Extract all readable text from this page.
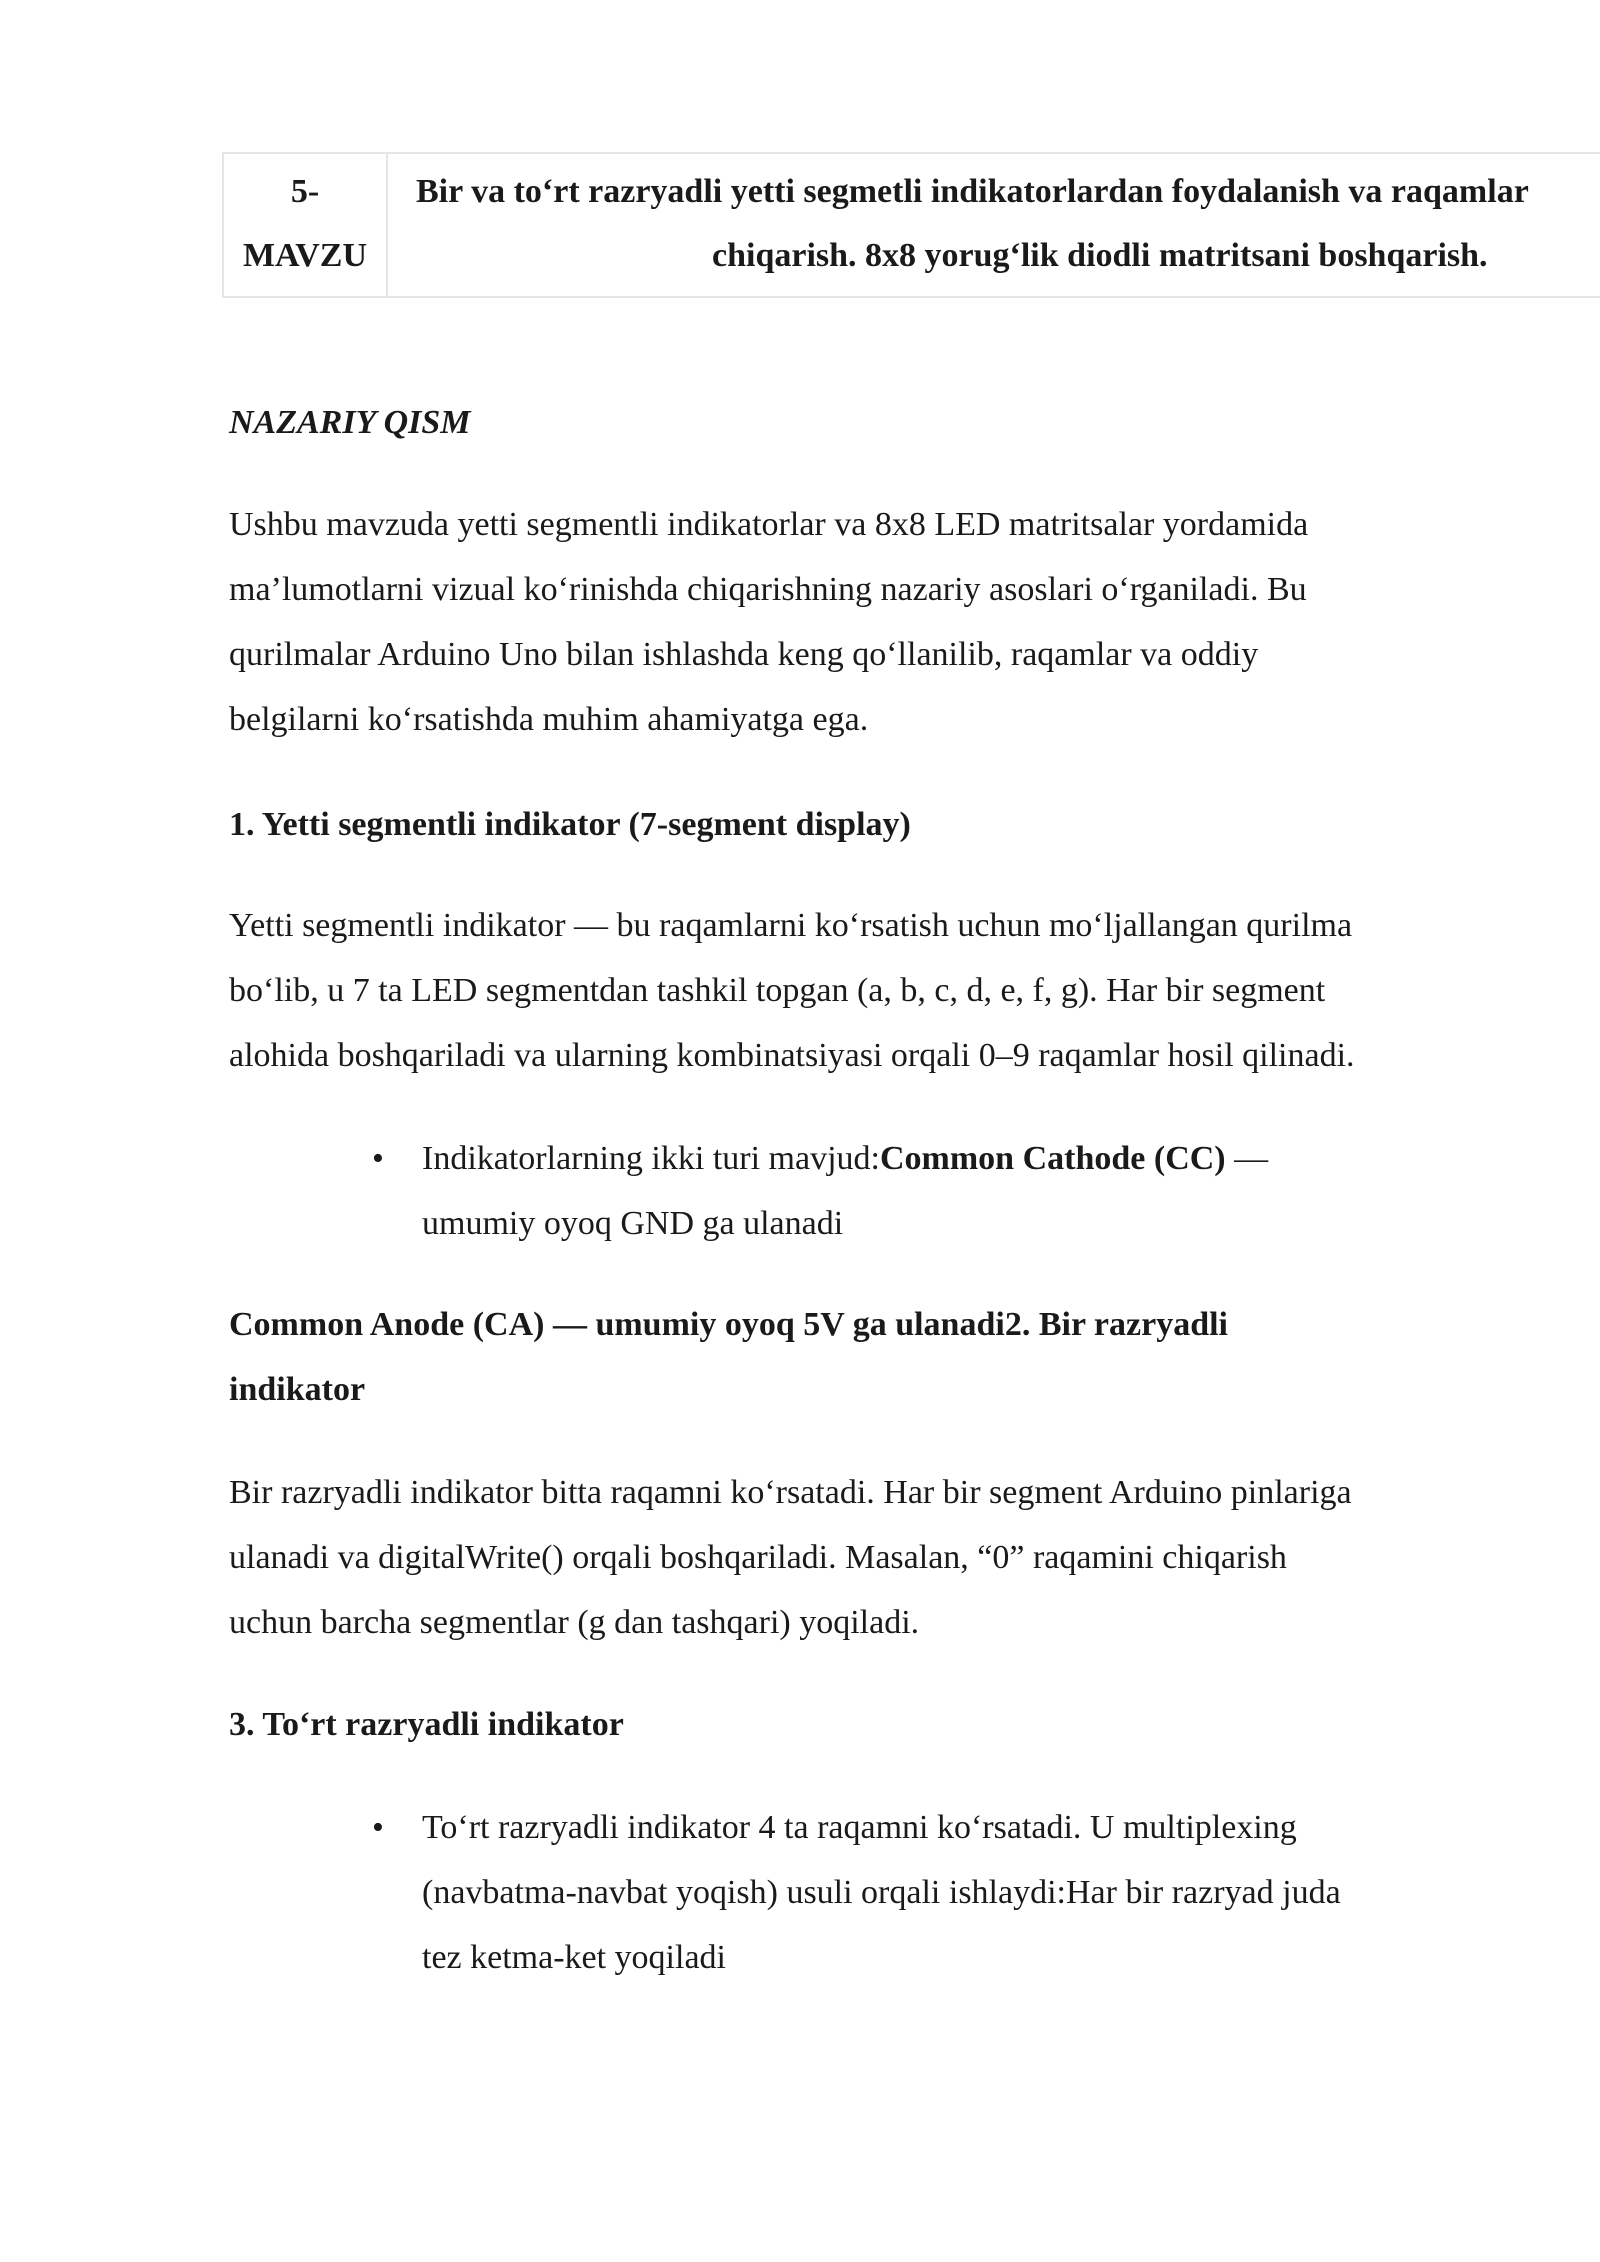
5-
MAVZU
Bir va to‘rt razryadli yetti segmetli indikatorlardan foydalanish va raqamlar
chiqarish. 8x8 yorug‘lik diodli matritsani boshqarish.
NAZARIY QISM
Ushbu mavzuda yetti segmentli indikatorlar va 8x8 LED matritsalar yordamida
ma’lumotlarni vizual ko‘rinishda chiqarishning nazariy asoslari o‘rganiladi. Bu
qurilmalar Arduino Uno bilan ishlashda keng qo‘llanilib, raqamlar va oddiy
belgilarni ko‘rsatishda muhim ahamiyatga ega.
1. Yetti segmentli indikator (7-segment display)
Yetti segmentli indikator — bu raqamlarni ko‘rsatish uchun mo‘ljallangan qurilma
bo‘lib, u 7 ta LED segmentdan tashkil topgan (a, b, c, d, e, f, g). Har bir segment
alohida boshqariladi va ularning kombinatsiyasi orqali 0–9 raqamlar hosil qilinadi.
• Indikatorlarning ikki turi mavjud:Common Cathode (CC) —
umumiy oyoq GND ga ulanadi
Common Anode (CA) — umumiy oyoq 5V ga ulanadi2. Bir razryadli
indikator
Bir razryadli indikator bitta raqamni ko‘rsatadi. Har bir segment Arduino pinlariga
ulanadi va digitalWrite() orqali boshqariladi. Masalan, “0” raqamini chiqarish
uchun barcha segmentlar (g dan tashqari) yoqiladi.
3. To‘rt razryadli indikator
• To‘rt razryadli indikator 4 ta raqamni ko‘rsatadi. U multiplexing
(navbatma-navbat yoqish) usuli orqali ishlaydi:Har bir razryad juda
tez ketma-ket yoqiladi
